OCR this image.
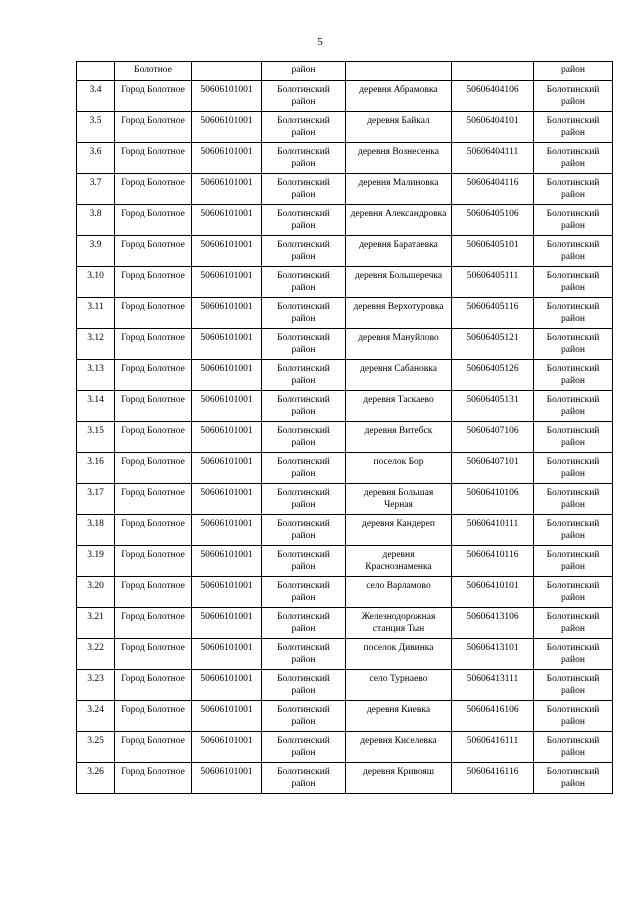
5
	Болотное		район			район
3.4	Город Болотное	50606101001	Болотинский район	деревня Абрамовка	50606404106	Болотинский район
3.5	Город Болотное	50606101001	Болотинский район	деревня Байкал	50606404101	Болотинский район
3.6	Город Болотное	50606101001	Болотинский район	деревня Вознесенка	50606404111	Болотинский район
3.7	Город Болотное	50606101001	Болотинский район	деревня Малиновка	50606404116	Болотинский район
3.8	Город Болотное	50606101001	Болотинский район	деревня Александровка	50606405106	Болотинский район
3.9	Город Болотное	50606101001	Болотинский район	деревня Баратаевка	50606405101	Болотинский район
3.10	Город Болотное	50606101001	Болотинский район	деревня Большеречка	50606405111	Болотинский район
3.11	Город Болотное	50606101001	Болотинский район	деревня Верхотуровка	50606405116	Болотинский район
3.12	Город Болотное	50606101001	Болотинский район	деревня Мануйлово	50606405121	Болотинский район
3.13	Город Болотное	50606101001	Болотинский район	деревня Сабановка	50606405126	Болотинский район
3.14	Город Болотное	50606101001	Болотинский район	деревня Таскаево	50606405131	Болотинский район
3.15	Город Болотное	50606101001	Болотинский район	деревня Витебск	50606407106	Болотинский район
3.16	Город Болотное	50606101001	Болотинский район	поселок Бор	50606407101	Болотинский район
3.17	Город Болотное	50606101001	Болотинский район	деревня Большая Черная	50606410106	Болотинский район
3.18	Город Болотное	50606101001	Болотинский район	деревня Кандереп	50606410111	Болотинский район
3.19	Город Болотное	50606101001	Болотинский район	деревня Краснознаменка	50606410116	Болотинский район
3.20	Город Болотное	50606101001	Болотинский район	село Варламово	50606410101	Болотинский район
3.21	Город Болотное	50606101001	Болотинский район	Железнодорожная станция Тын	50606413106	Болотинский район
3.22	Город Болотное	50606101001	Болотинский район	поселок Дивинка	50606413101	Болотинский район
3.23	Город Болотное	50606101001	Болотинский район	село Турнаево	50606413111	Болотинский район
3.24	Город Болотное	50606101001	Болотинский район	деревня Киевка	50606416106	Болотинский район
3.25	Город Болотное	50606101001	Болотинский район	деревня Киселевка	50606416111	Болотинский район
3.26	Город Болотное	50606101001	Болотинский район	деревня Кривояш	50606416116	Болотинский район
